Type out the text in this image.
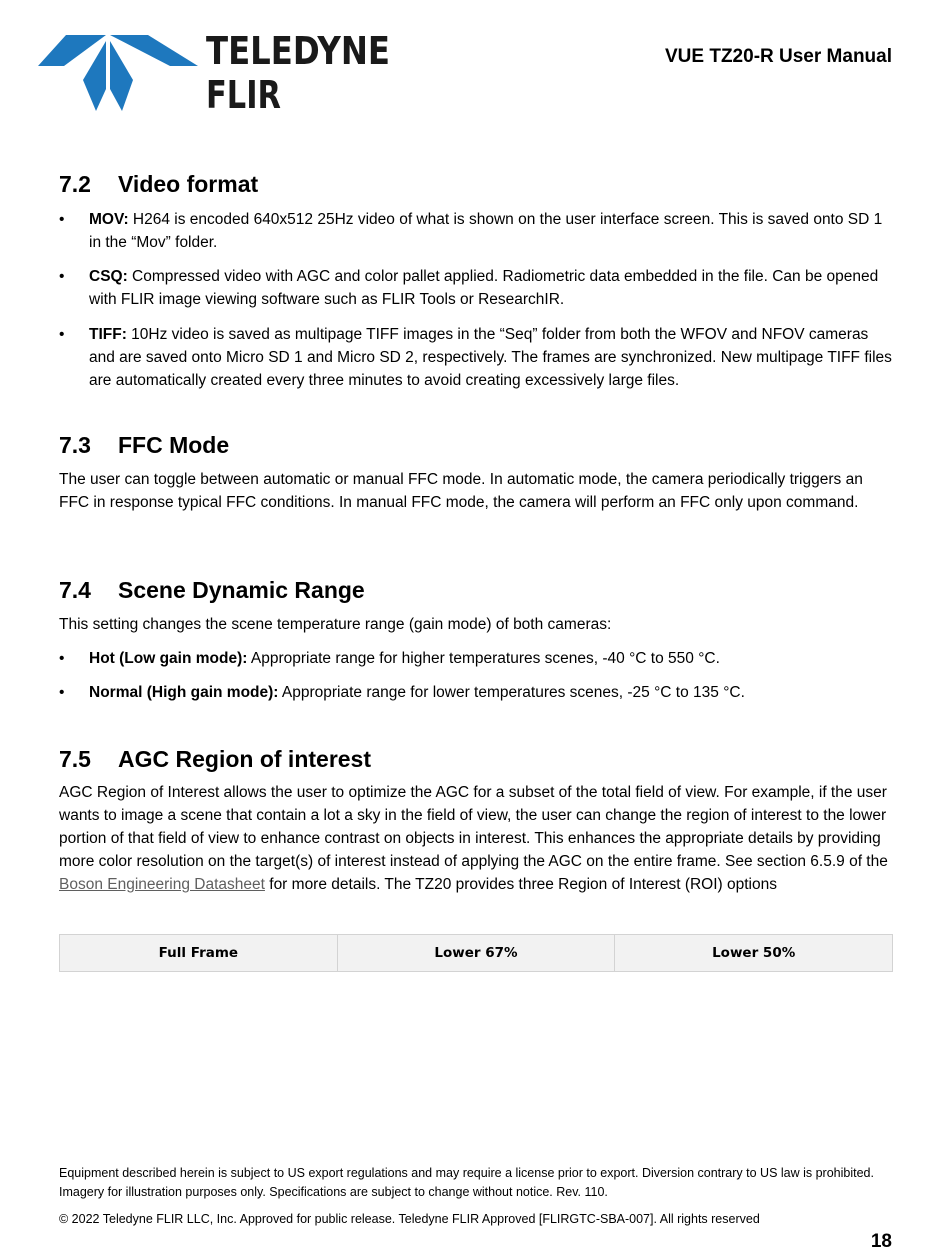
TELEDYNE
FLIR
VUE TZ20-R User Manual
7.2 Video format
•	MOV: H264 is encoded 640x512 25Hz video of what is shown on the user interface screen. This is saved onto SD 1 in the “Mov” folder.
•	CSQ: Compressed video with AGC and color pallet applied. Radiometric data embedded in the file. Can be opened with FLIR image viewing software such as FLIR Tools or ResearchIR.
•	TIFF: 10Hz video is saved as multipage TIFF images in the “Seq” folder from both the WFOV and NFOV cameras and are saved onto Micro SD 1 and Micro SD 2, respectively. The frames are synchronized. New multipage TIFF files are automatically created every three minutes to avoid creating excessively large files.
7.3 FFC Mode

The user can toggle between automatic or manual FFC mode. In automatic mode, the camera periodically triggers an FFC in response typical FFC conditions. In manual FFC mode, the camera will perform an FFC only upon command.

7.4 Scene Dynamic Range

This setting changes the scene temperature range (gain mode) of both cameras:

•	Hot (Low gain mode): Appropriate range for higher temperatures scenes, -40 °C to 550 °C.
•	Normal (High gain mode): Appropriate range for lower temperatures scenes, -25 °C to 135 °C.
7.5 AGC Region of interest

AGC Region of Interest allows the user to optimize the AGC for a subset of the total field of view. For example, if the user wants to image a scene that contain a lot a sky in the field of view, the user can change the region of interest to the lower portion of that field of view to enhance contrast on objects in interest. This enhances the appropriate details by providing more color resolution on the target(s) of interest instead of applying the AGC on the entire frame. See section 6.5.9 of the Boson Engineering Datasheet for more details. The TZ20 provides three Region of Interest (ROI) options

Full Frame	Lower 67%	Lower 50%

Equipment described herein is subject to US export regulations and may require a license prior to export. Diversion contrary to US law is prohibited. Imagery for illustration purposes only. Specifications are subject to change without notice. Rev. 110.

© 2022 Teledyne FLIR LLC, Inc. Approved for public release. Teledyne FLIR Approved [FLIRGTC-SBA-007]. All rights reserved

18
